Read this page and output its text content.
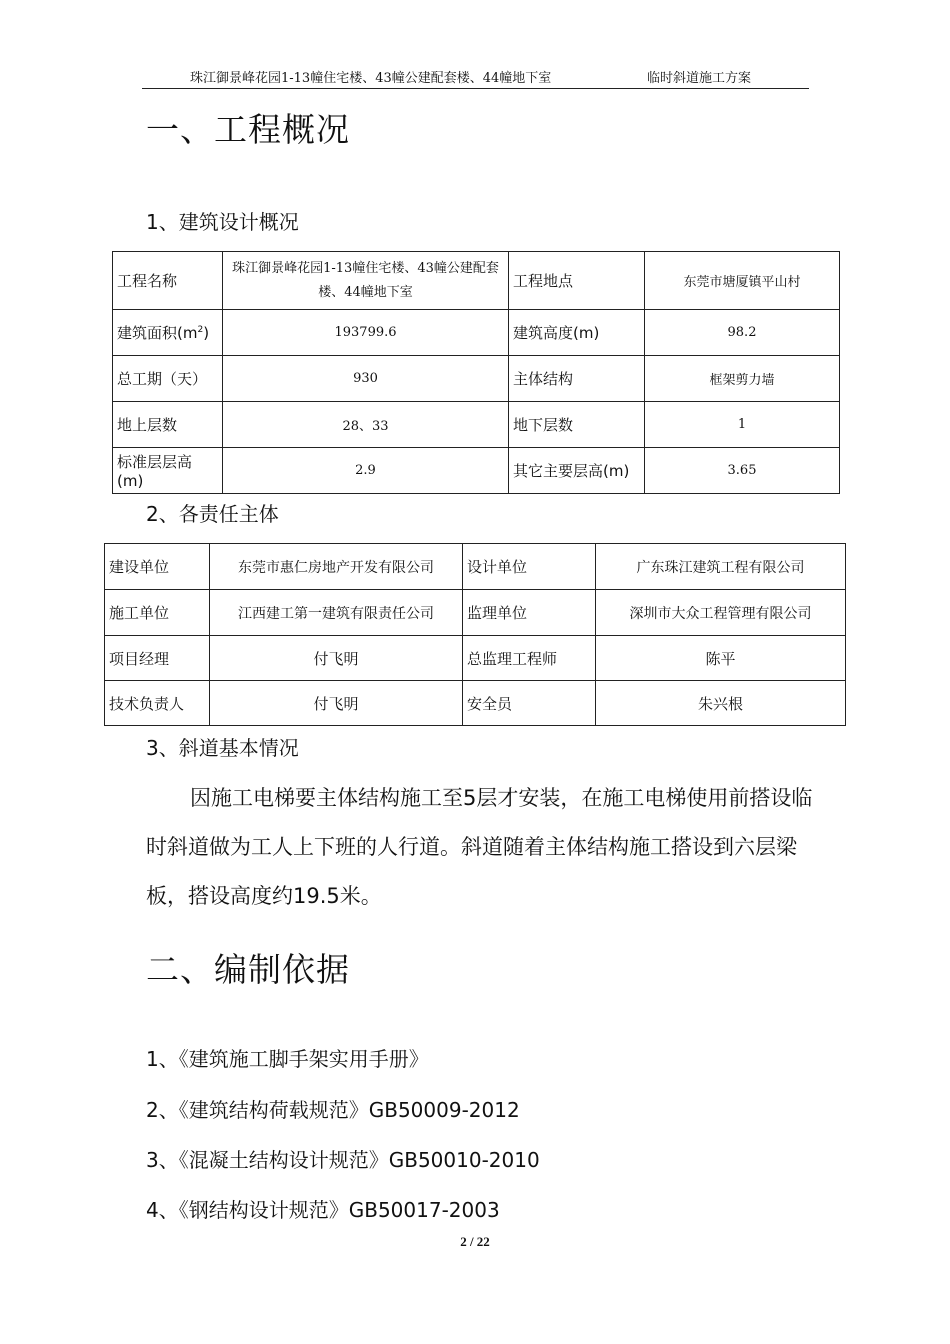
珠江御景峰花园1-13幢住宅楼、43幢公建配套楼、44幢地下室	临时斜道施工方案
一、工程概况
1、建筑设计概况
工程名称	珠江御景峰花园1-13幢住宅楼、43幢公建配套楼、44幢地下室	工程地点	东莞市塘厦镇平山村
建筑面积$(m^2)$	193799.6	建筑高度(m)	98.2
总工期（天）	930	主体结构	框架剪力墙
地上层数	28、33	地下层数	1
标准层层高(m)	2.9	其它主要层高(m)	3.65
2、各责任主体
建设单位	东莞市惠仁房地产开发有限公司	设计单位	广东珠江建筑工程有限公司
施工单位	江西建工第一建筑有限责任公司	监理单位	深圳市大众工程管理有限公司
项目经理	付飞明	总监理工程师	陈平
技术负责人	付飞明	安全员	朱兴根
3、斜道基本情况
因施工电梯要主体结构施工至5层才安装，在施工电梯使用前搭设临时斜道做为工人上下班的人行道。斜道随着主体结构施工搭设到六层梁板，搭设高度约19.5米。
二、编制依据
1、《建筑施工脚手架实用手册》
2、《建筑结构荷载规范》GB50009-2012
3、《混凝土结构设计规范》GB50010-2010
4、《钢结构设计规范》GB50017-2003
2 / 22
